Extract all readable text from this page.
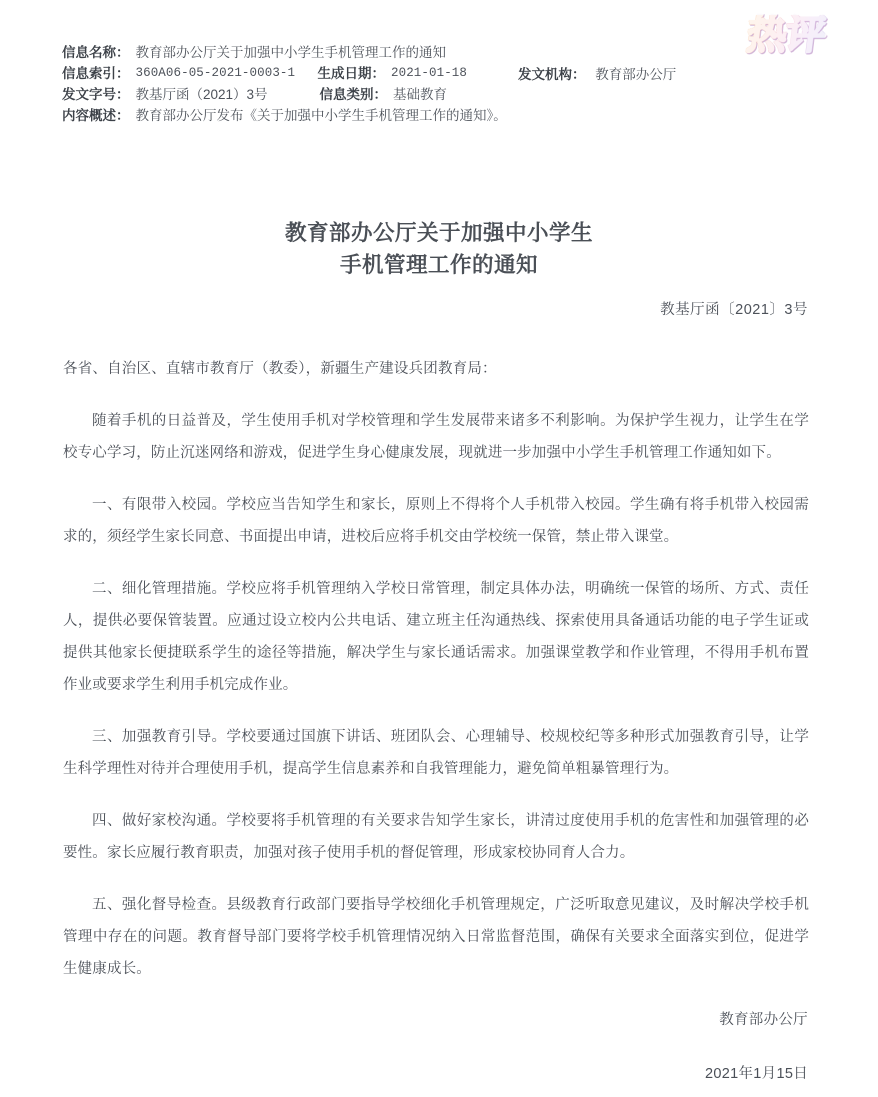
热评
信息名称： 教育部办公厅关于加强中小学生手机管理工作的通知
信息索引： 360A06-05-2021-0003-1	生成日期： 2021-01-18
发文字号： 教基厅函（2021）3号	信息类别： 基础教育
内容概述： 教育部办公厅发布《关于加强中小学生手机管理工作的通知》。
发文机构： 教育部办公厅
教育部办公厅关于加强中小学生
手机管理工作的通知
教基厅函〔2021〕3号

各省、自治区、直辖市教育厅（教委），新疆生产建设兵团教育局：

随着手机的日益普及，学生使用手机对学校管理和学生发展带来诸多不利影响。为保护学生视力，让学生在学校专心学习，防止沉迷网络和游戏，促进学生身心健康发展，现就进一步加强中小学生手机管理工作通知如下。

一、有限带入校园。学校应当告知学生和家长，原则上不得将个人手机带入校园。学生确有将手机带入校园需求的，须经学生家长同意、书面提出申请，进校后应将手机交由学校统一保管，禁止带入课堂。

二、细化管理措施。学校应将手机管理纳入学校日常管理，制定具体办法，明确统一保管的场所、方式、责任人，提供必要保管装置。应通过设立校内公共电话、建立班主任沟通热线、探索使用具备通话功能的电子学生证或提供其他家长便捷联系学生的途径等措施，解决学生与家长通话需求。加强课堂教学和作业管理，不得用手机布置作业或要求学生利用手机完成作业。

三、加强教育引导。学校要通过国旗下讲话、班团队会、心理辅导、校规校纪等多种形式加强教育引导，让学生科学理性对待并合理使用手机，提高学生信息素养和自我管理能力，避免简单粗暴管理行为。

四、做好家校沟通。学校要将手机管理的有关要求告知学生家长，讲清过度使用手机的危害性和加强管理的必要性。家长应履行教育职责，加强对孩子使用手机的督促管理，形成家校协同育人合力。

五、强化督导检查。县级教育行政部门要指导学校细化手机管理规定，广泛听取意见建议，及时解决学校手机管理中存在的问题。教育督导部门要将学校手机管理情况纳入日常监督范围，确保有关要求全面落实到位，促进学生健康成长。

教育部办公厅
2021年1月15日
